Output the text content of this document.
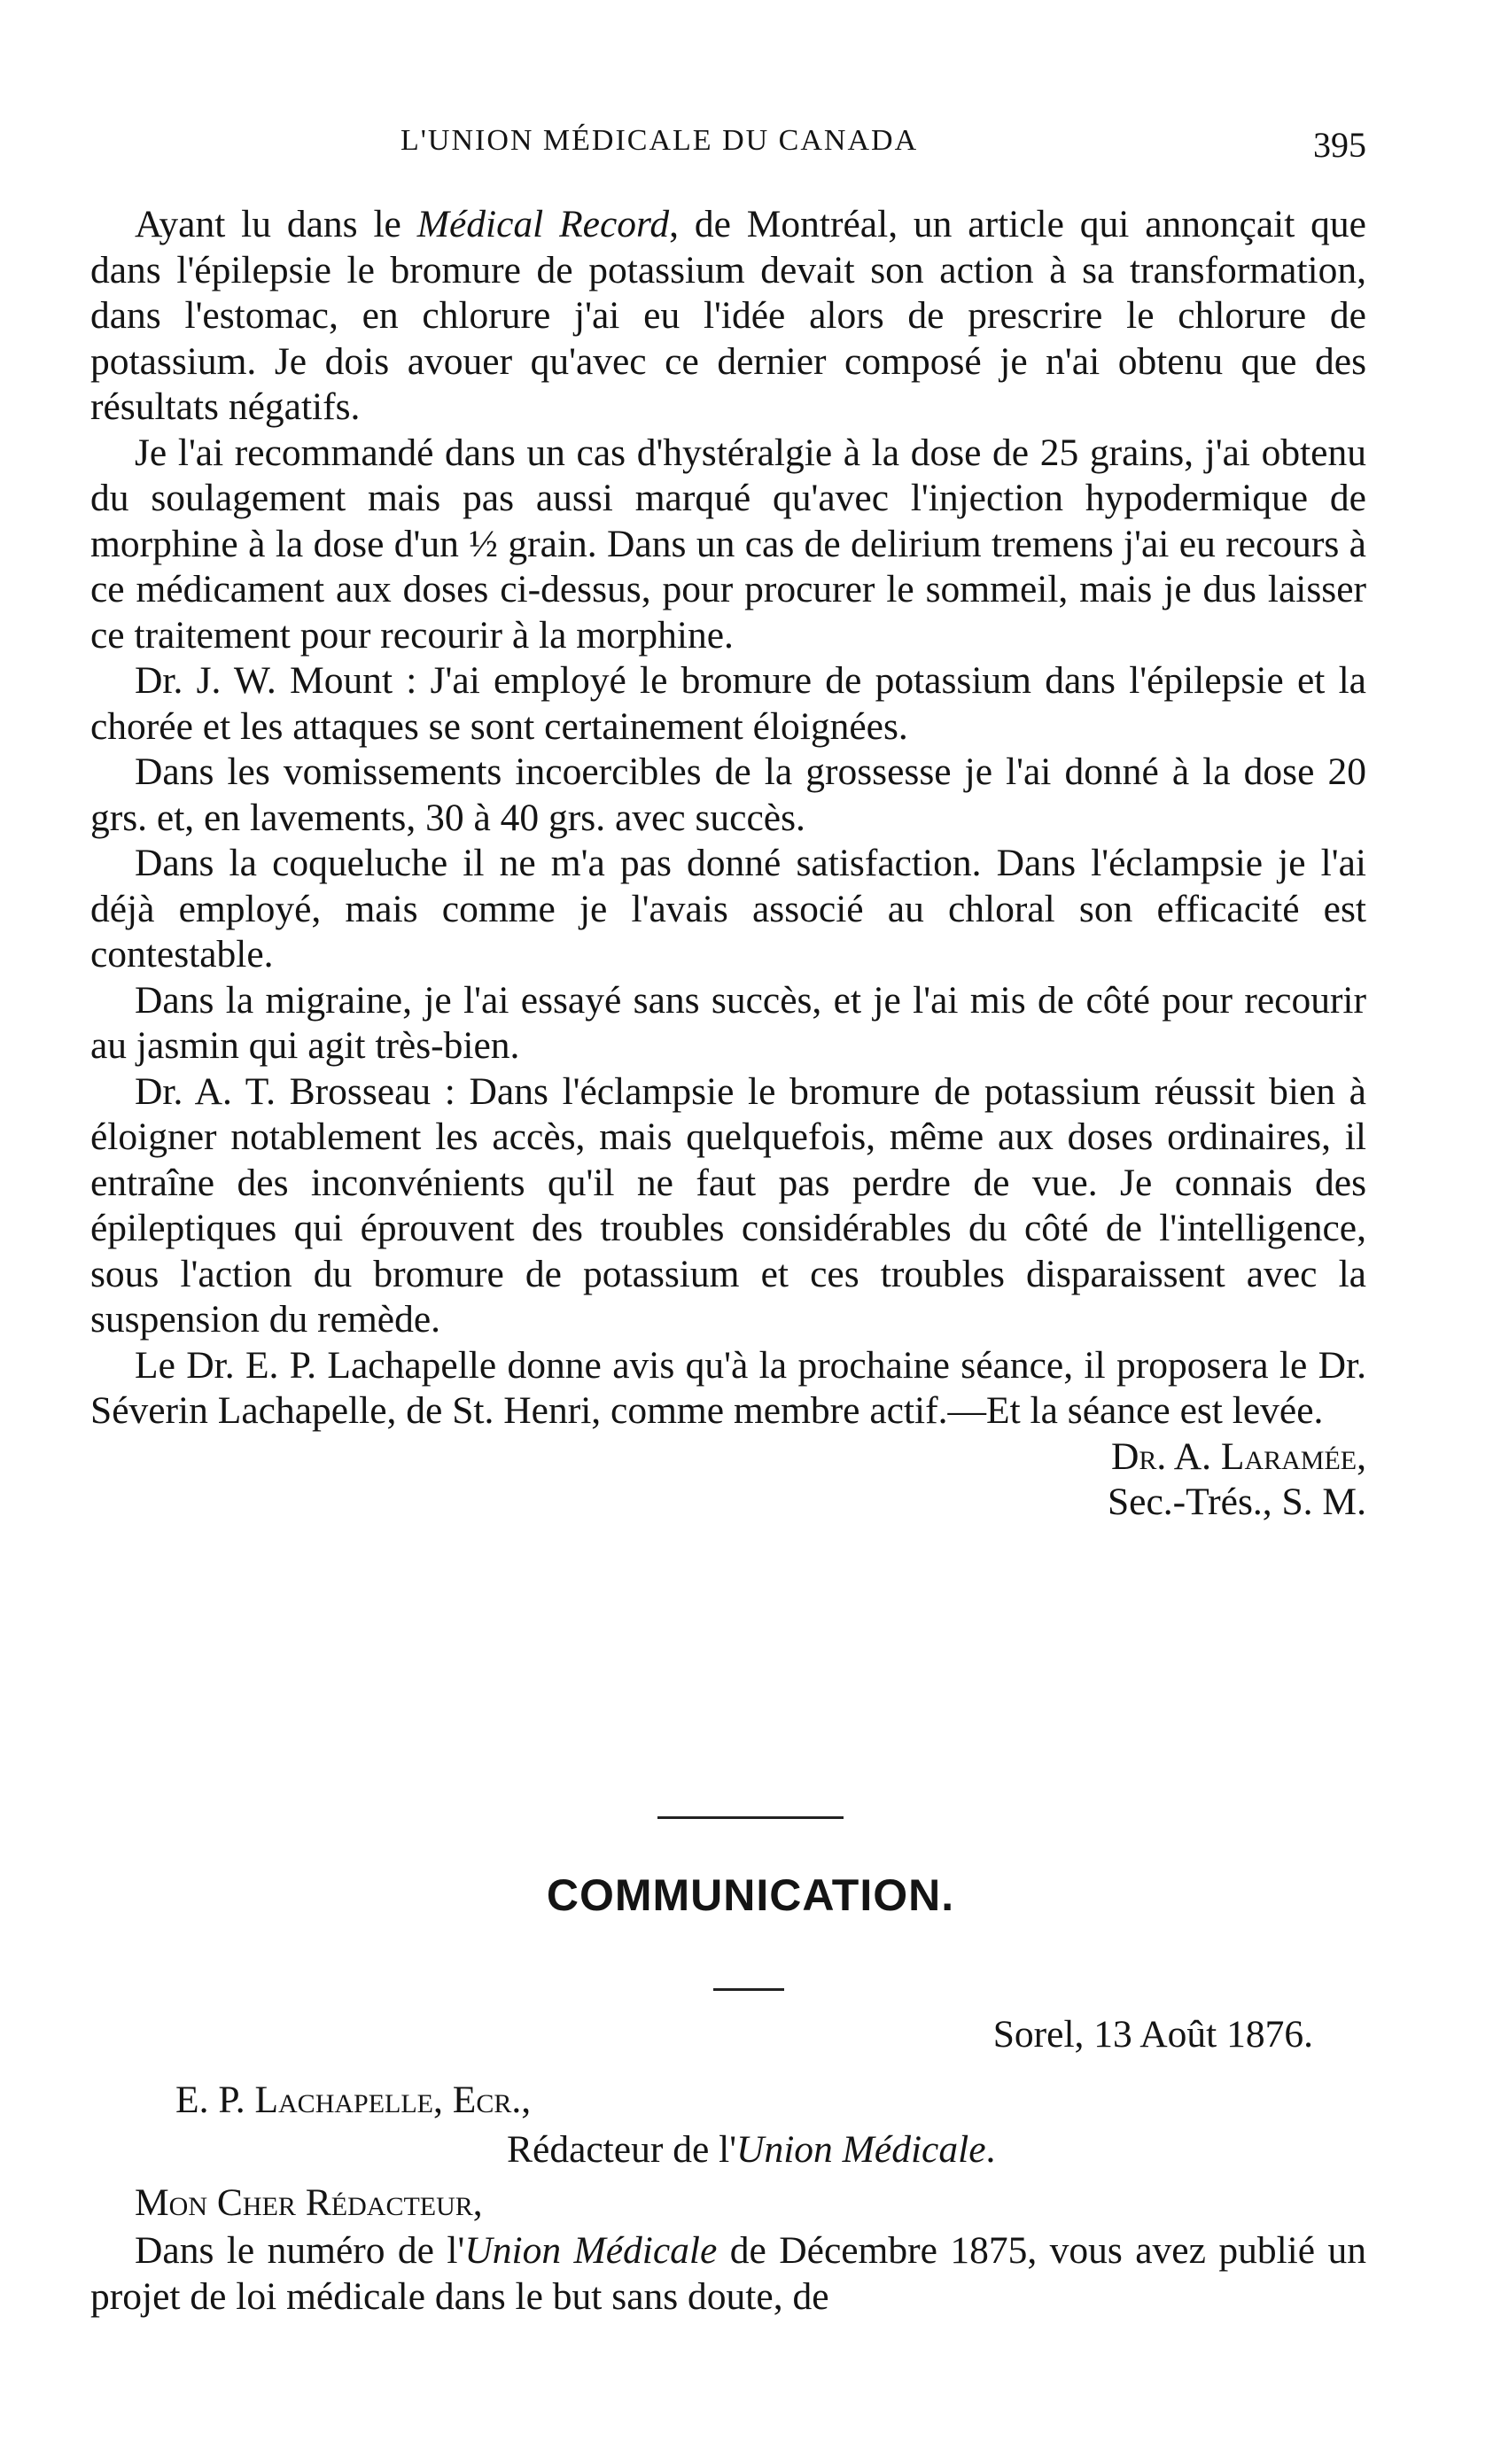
L'UNION MÉDICALE DU CANADA	395

Ayant lu dans le Médical Record, de Montréal, un article qui annonçait que dans l'épilepsie le bromure de potassium devait son action à sa transformation, dans l'estomac, en chlorure j'ai eu l'idée alors de prescrire le chlorure de potassium. Je dois avouer qu'avec ce dernier composé je n'ai obtenu que des résultats négatifs.

Je l'ai recommandé dans un cas d'hystéralgie à la dose de 25 grains, j'ai obtenu du soulagement mais pas aussi marqué qu'avec l'injection hypodermique de morphine à la dose d'un ½ grain. Dans un cas de delirium tremens j'ai eu recours à ce médicament aux doses ci-dessus, pour procurer le sommeil, mais je dus laisser ce traitement pour recourir à la morphine.

Dr. J. W. Mount : J'ai employé le bromure de potassium dans l'épilepsie et la chorée et les attaques se sont certainement éloignées.

Dans les vomissements incoercibles de la grossesse je l'ai donné à la dose 20 grs. et, en lavements, 30 à 40 grs. avec succès.

Dans la coqueluche il ne m'a pas donné satisfaction. Dans l'éclampsie je l'ai déjà employé, mais comme je l'avais associé au chloral son efficacité est contestable.

Dans la migraine, je l'ai essayé sans succès, et je l'ai mis de côté pour recourir au jasmin qui agit très-bien.

Dr. A. T. Brosseau : Dans l'éclampsie le bromure de potassium réussit bien à éloigner notablement les accès, mais quelquefois, même aux doses ordinaires, il entraîne des inconvénients qu'il ne faut pas perdre de vue. Je connais des épileptiques qui éprouvent des troubles considérables du côté de l'intelligence, sous l'action du bromure de potassium et ces troubles disparaissent avec la suspension du remède.

Le Dr. E. P. Lachapelle donne avis qu'à la prochaine séance, il proposera le Dr. Séverin Lachapelle, de St. Henri, comme membre actif.—Et la séance est levée.

Dr. A. Laramée,

Sec.-Trés., S. M.

COMMUNICATION.

Sorel, 13 Août 1876.

E. P. Lachapelle, Ecr.,

Rédacteur de l'Union Médicale.

Mon Cher Rédacteur,

Dans le numéro de l'Union Médicale de Décembre 1875, vous avez publié un projet de loi médicale dans le but sans doute, de
